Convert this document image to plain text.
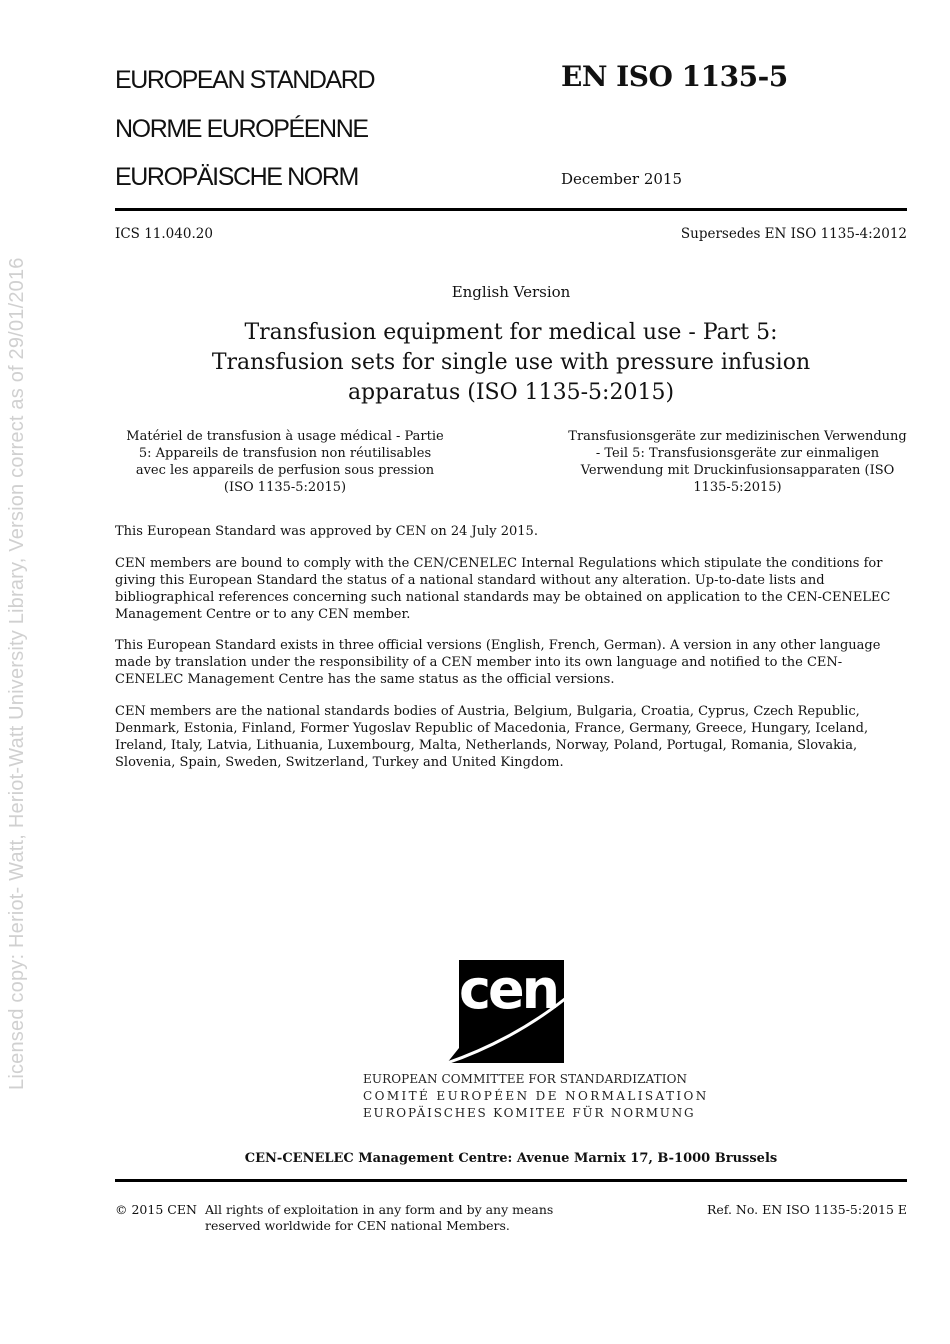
Licensed copy: Heriot- Watt, Heriot-Watt University Library, Version correct as of 29/01/2016
EUROPEAN STANDARD
NORME EUROPÉENNE
EUROPÄISCHE NORM
EN ISO 1135-5
December 2015
ICS 11.040.20	Supersedes EN ISO 1135-4:2012
English Version
Transfusion equipment for medical use - Part 5:
Transfusion sets for single use with pressure infusion
apparatus (ISO 1135-5:2015)
Matériel de transfusion à usage médical - Partie 5: Appareils de transfusion non réutilisables avec les appareils de perfusion sous pression (ISO 1135-5:2015)
Transfusionsgeräte zur medizinischen Verwendung - Teil 5: Transfusionsgeräte zur einmaligen Verwendung mit Druckinfusionsapparaten (ISO 1135-5:2015)
This European Standard was approved by CEN on 24 July 2015.
CEN members are bound to comply with the CEN/CENELEC Internal Regulations which stipulate the conditions for giving this European Standard the status of a national standard without any alteration. Up-to-date lists and bibliographical references concerning such national standards may be obtained on application to the CEN-CENELEC Management Centre or to any CEN member.
This European Standard exists in three official versions (English, French, German). A version in any other language made by translation under the responsibility of a CEN member into its own language and notified to the CEN-CENELEC Management Centre has the same status as the official versions.
CEN members are the national standards bodies of Austria, Belgium, Bulgaria, Croatia, Cyprus, Czech Republic, Denmark, Estonia, Finland, Former Yugoslav Republic of Macedonia, France, Germany, Greece, Hungary, Iceland, Ireland, Italy, Latvia, Lithuania, Luxembourg, Malta, Netherlands, Norway, Poland, Portugal, Romania, Slovakia, Slovenia, Spain, Sweden, Switzerland, Turkey and United Kingdom.
cen
EUROPEAN COMMITTEE FOR STANDARDIZATION
COMITÉ EUROPÉEN DE NORMALISATION
EUROPÄISCHES KOMITEE FÜR NORMUNG
CEN-CENELEC Management Centre: Avenue Marnix 17, B-1000 Brussels
© 2015 CEN All rights of exploitation in any form and by any means reserved worldwide for CEN national Members.
Ref. No. EN ISO 1135-5:2015 E
